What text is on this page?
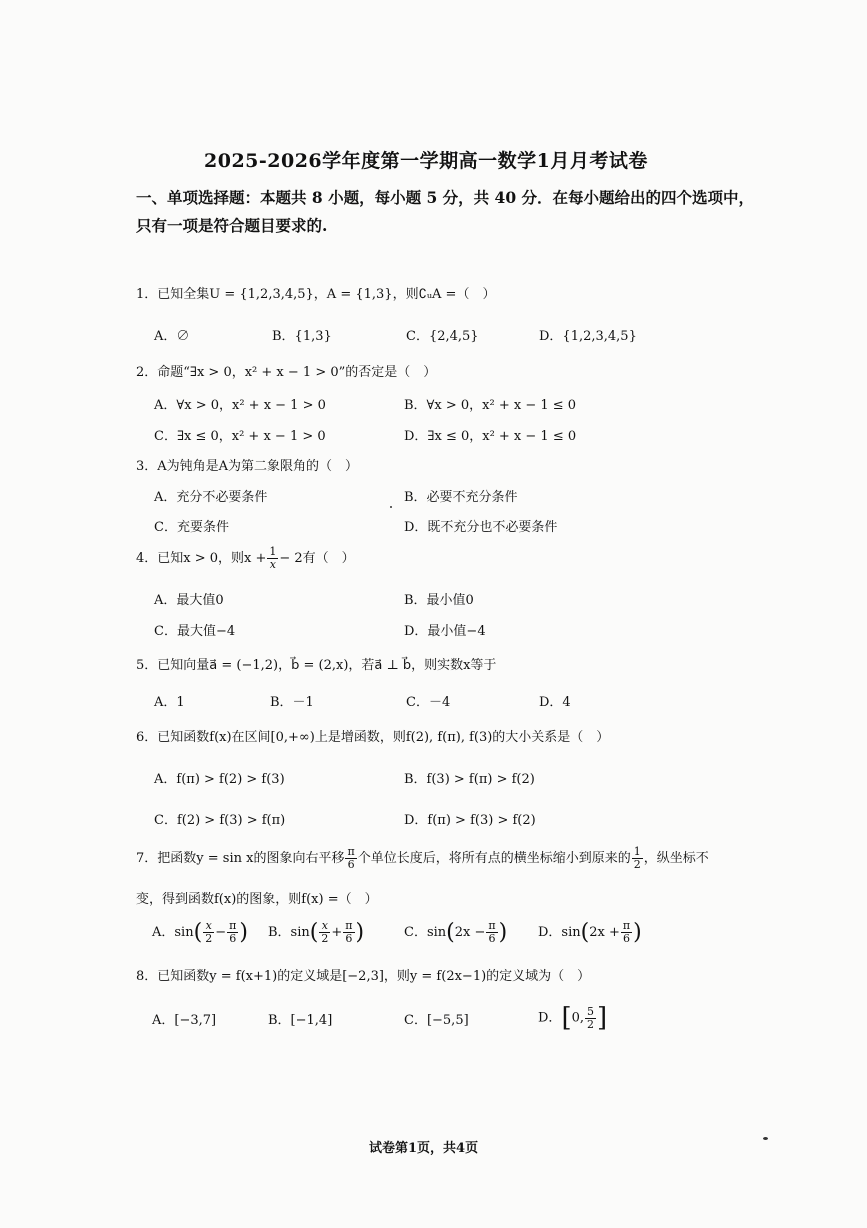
2025-2026学年度第一学期高一数学1月月考试卷
一、单项选择题：本题共 8 小题，每小题 5 分，共 40 分．在每小题给出的四个选项中，
只有一项是符合题目要求的.
1．已知全集U = {1,2,3,4,5}，A = {1,3}，则∁ᵤA =（　）
A．∅	B．{1,3}	C．{2,4,5}	D．{1,2,3,4,5}
2．命题“∃x > 0，x² + x − 1 > 0”的否定是（　）
A．∀x > 0，x² + x − 1 > 0	B．∀x > 0，x² + x − 1 ≤ 0
C．∃x ≤ 0，x² + x − 1 > 0	D．∃x ≤ 0，x² + x − 1 ≤ 0
3．A为钝角是A为第二象限角的（　）
A．充分不必要条件	B．必要不充分条件
C．充要条件	D．既不充分也不必要条件
4．已知x > 0，则$x + \frac{1}{x} - 2$有（　）
A．最大值0	B．最小值0
C．最大值−4	D．最小值−4
5．已知向量a⃗ = (−1,2)，b⃗ = (2,x)，若a⃗ ⊥ b⃗，则实数x等于
A．1	B．－1	C．－4	D．4
6．已知函数f(x)在区间[0,+∞)上是增函数，则f(2), f(π), f(3)的大小关系是（　）
A．f(π) > f(2) > f(3)	B．f(3) > f(π) > f(2)
C．f(2) > f(3) > f(π)	D．f(π) > f(3) > f(2)
7．把函数y = sin x的图象向右平移 $\frac{\pi}{6}$ 个单位长度后，将所有点的横坐标缩小到原来的 $\frac{1}{2}$ ，纵坐标不
变，得到函数f(x)的图象，则f(x) =（　）
A．$\sin( \frac{x}{2} - \frac{\pi}{6}$ ) B．$\sin( \frac{x}{2} + \frac{\pi}{6}$ )	C．$\sin(2x - \frac{\pi}{6}$ ) D．$\sin(2x + \frac{\pi}{6}$ )
8．已知函数y = f(x+1)的定义域是[−2,3]，则y = f(2x−1)的定义域为（　）
A．[−3,7]	B．[−1,4]	C．[−5,5]	D．[0, $\frac{5}{2}$ ]
试卷第1页，共4页
